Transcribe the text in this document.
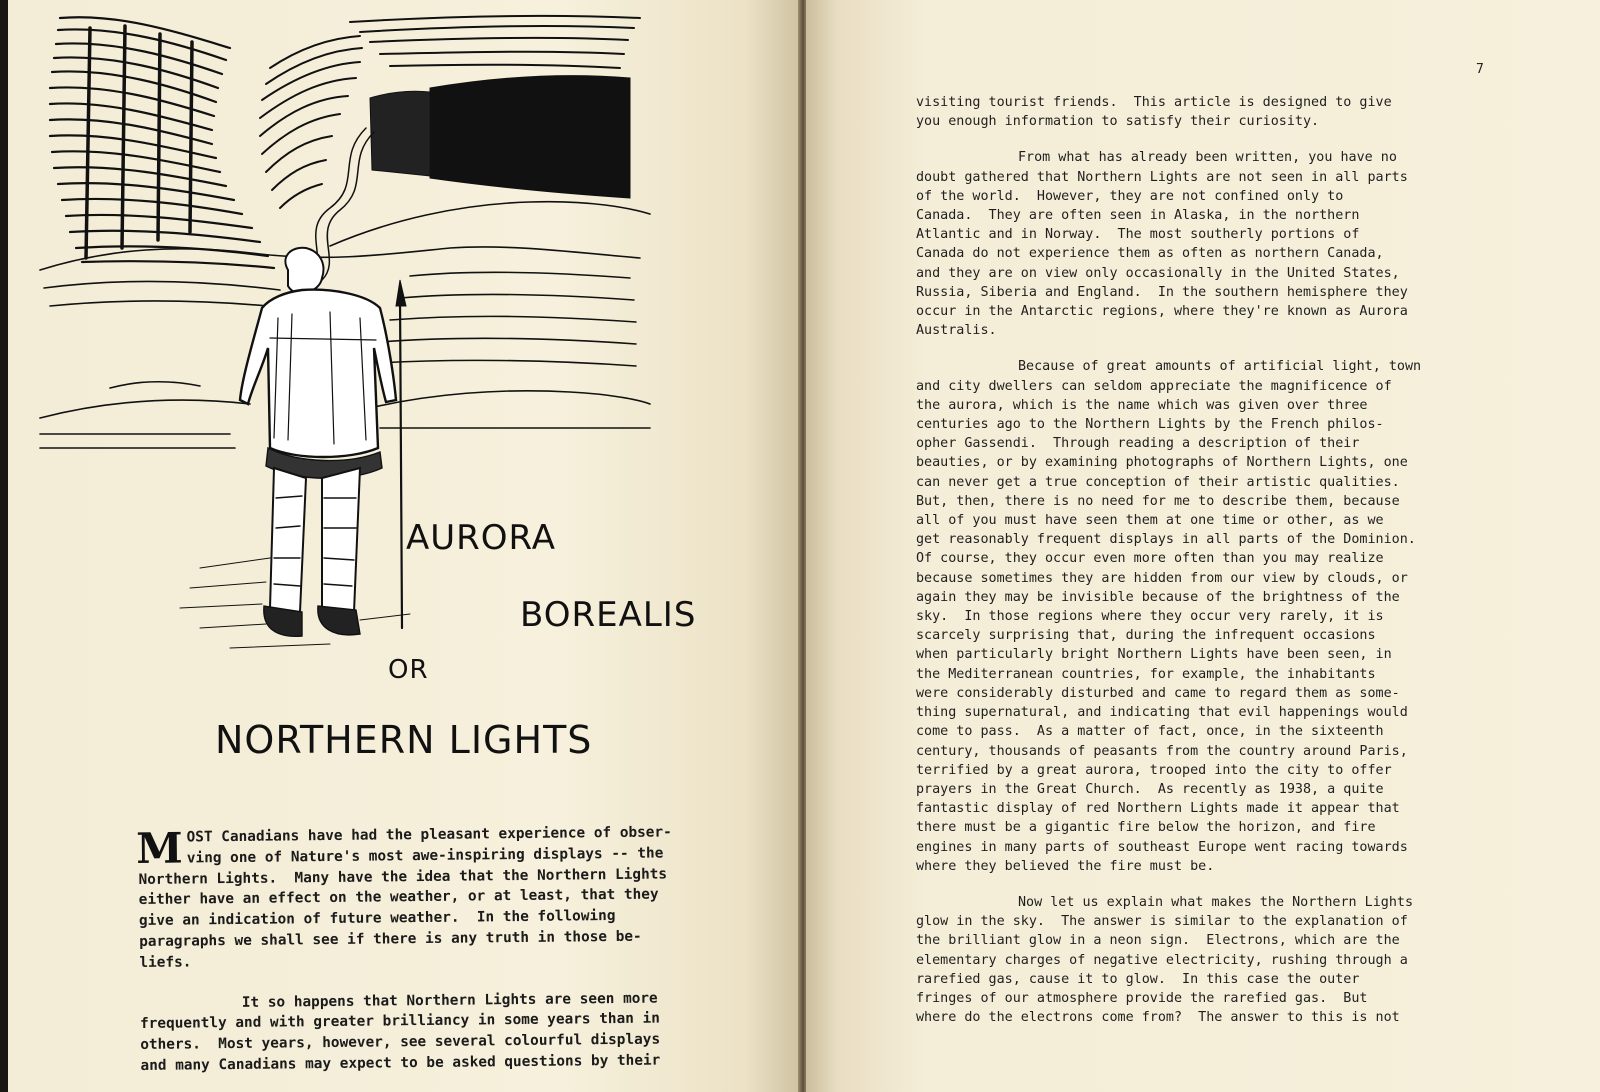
AURORA
BOREALIS
OR
NORTHERN LIGHTS

M OST Canadians have had the pleasant experience of obser-
ving one of Nature's most awe-inspiring displays -- the
Northern Lights.  Many have the idea that the Northern Lights
either have an effect on the weather, or at least, that they
give an indication of future weather.  In the following
paragraphs we shall see if there is any truth in those be-
liefs.

It so happens that Northern Lights are seen more
frequently and with greater brilliancy in some years than in
others.  Most years, however, see several colourful displays
and many Canadians may expect to be asked questions by their

7

visiting tourist friends.  This article is designed to give
you enough information to satisfy their curiosity.

From what has already been written, you have no
doubt gathered that Northern Lights are not seen in all parts
of the world.  However, they are not confined only to
Canada.  They are often seen in Alaska, in the northern
Atlantic and in Norway.  The most southerly portions of
Canada do not experience them as often as northern Canada,
and they are on view only occasionally in the United States,
Russia, Siberia and England.  In the southern hemisphere they
occur in the Antarctic regions, where they're known as Aurora
Australis.

Because of great amounts of artificial light, town
and city dwellers can seldom appreciate the magnificence of
the aurora, which is the name which was given over three
centuries ago to the Northern Lights by the French philos-
opher Gassendi.  Through reading a description of their
beauties, or by examining photographs of Northern Lights, one
can never get a true conception of their artistic qualities.
But, then, there is no need for me to describe them, because
all of you must have seen them at one time or other, as we
get reasonably frequent displays in all parts of the Dominion.
Of course, they occur even more often than you may realize
because sometimes they are hidden from our view by clouds, or
again they may be invisible because of the brightness of the
sky.  In those regions where they occur very rarely, it is
scarcely surprising that, during the infrequent occasions
when particularly bright Northern Lights have been seen, in
the Mediterranean countries, for example, the inhabitants
were considerably disturbed and came to regard them as some-
thing supernatural, and indicating that evil happenings would
come to pass.  As a matter of fact, once, in the sixteenth
century, thousands of peasants from the country around Paris,
terrified by a great aurora, trooped into the city to offer
prayers in the Great Church.  As recently as 1938, a quite
fantastic display of red Northern Lights made it appear that
there must be a gigantic fire below the horizon, and fire
engines in many parts of southeast Europe went racing towards
where they believed the fire must be.

Now let us explain what makes the Northern Lights
glow in the sky.  The answer is similar to the explanation of
the brilliant glow in a neon sign.  Electrons, which are the
elementary charges of negative electricity, rushing through a
rarefied gas, cause it to glow.  In this case the outer
fringes of our atmosphere provide the rarefied gas.  But
where do the electrons come from?  The answer to this is not
